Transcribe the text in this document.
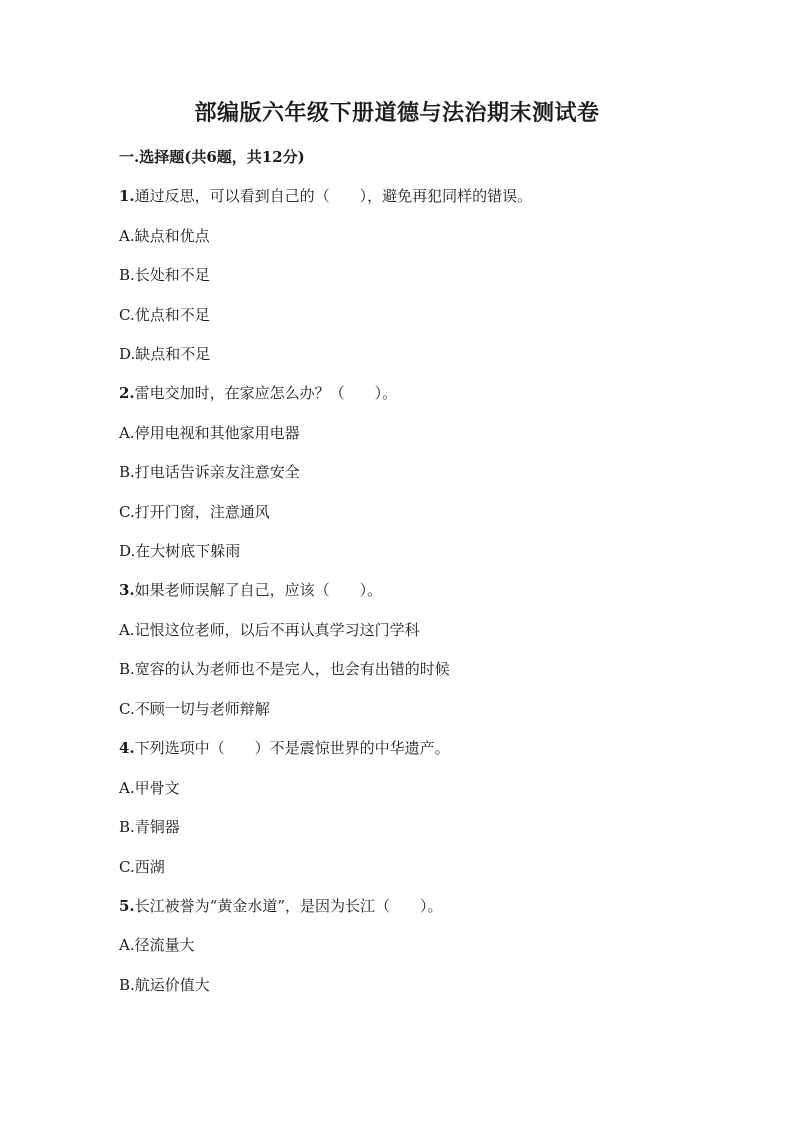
部编版六年级下册道德与法治期末测试卷
一.选择题(共6题，共12分)
1.通过反思，可以看到自己的（　　），避免再犯同样的错误。
A.缺点和优点
B.长处和不足
C.优点和不足
D.缺点和不足
2.雷电交加时，在家应怎么办？（　　）。
A.停用电视和其他家用电器
B.打电话告诉亲友注意安全
C.打开门窗，注意通风
D.在大树底下躲雨
3.如果老师误解了自己，应该（　　）。
A.记恨这位老师，以后不再认真学习这门学科
B.宽容的认为老师也不是完人，也会有出错的时候
C.不顾一切与老师辩解
4.下列选项中（　　）不是震惊世界的中华遗产。
A.甲骨文
B.青铜器
C.西湖
5.长江被誉为“黄金水道”，是因为长江（　　）。
A.径流量大
B.航运价值大
